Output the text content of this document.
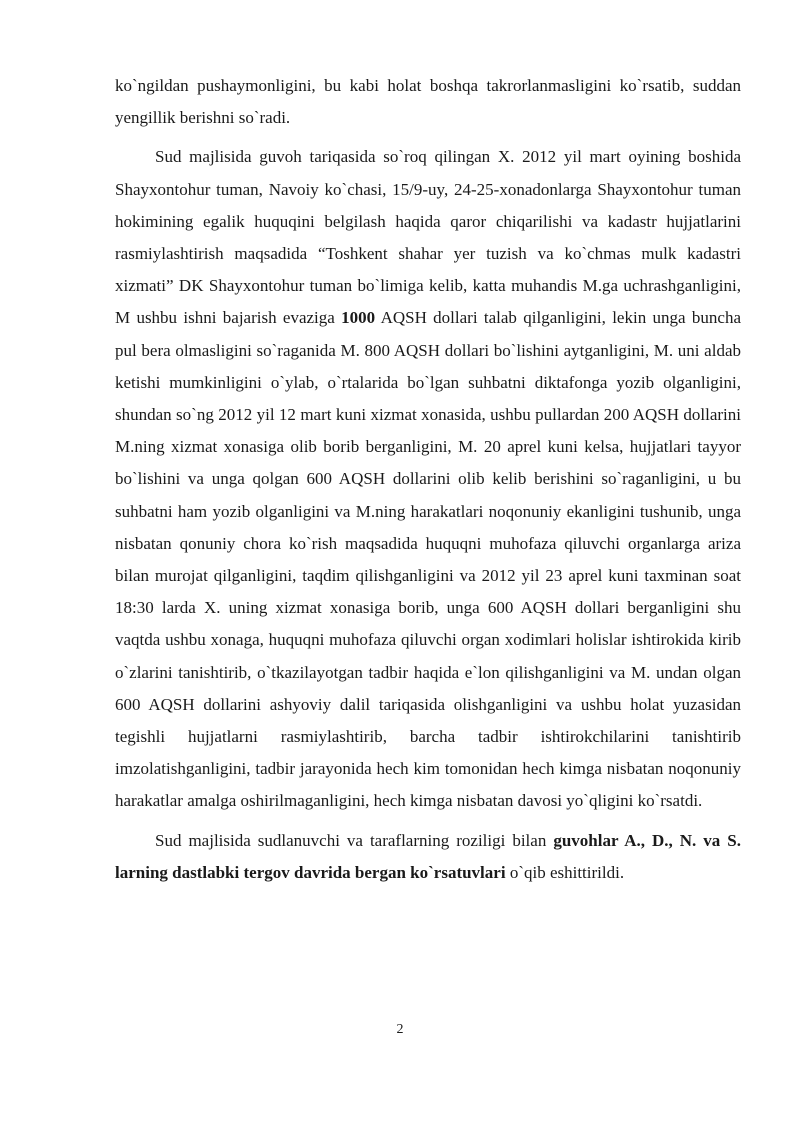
ko`ngildan pushaymonligini, bu kabi holat boshqa takrorlanmasligini ko`rsatib, suddan yengillik berishni so`radi.

Sud majlisida guvoh tariqasida so`roq qilingan X. 2012 yil mart oyining boshida Shayxontohur tuman, Navoiy ko`chasi, 15/9-uy, 24-25-xonadonlarga Shayxontohur tuman hokimining egalik huquqini belgilash haqida qaror chiqarilishi va kadastr hujjatlarini rasmiylashtirish maqsadida “Toshkent shahar yer tuzish va ko`chmas mulk kadastri xizmati” DK Shayxontohur tuman bo`limiga kelib, katta muhandis M.ga uchrashganligini, M ushbu ishni bajarish evaziga 1000 AQSH dollari talab qilganligini, lekin unga buncha pul bera olmasligini so`raganida M. 800 AQSH dollari bo`lishini aytganligini, M. uni aldab ketishi mumkinligini o`ylab, o`rtalarida bo`lgan suhbatni diktafonga yozib olganligini, shundan so`ng 2012 yil 12 mart kuni xizmat xonasida, ushbu pullardan 200 AQSH dollarini M.ning xizmat xonasiga olib borib berganligini, M. 20 aprel kuni kelsa, hujjatlari tayyor bo`lishini va unga qolgan 600 AQSH dollarini olib kelib berishini so`raganligini, u bu suhbatni ham yozib olganligini va M.ning harakatlari noqonuniy ekanligini tushunib, unga nisbatan qonuniy chora ko`rish maqsadida huquqni muhofaza qiluvchi organlarga ariza bilan murojat qilganligini, taqdim qilishganligini va 2012 yil 23 aprel kuni taxminan soat 18:30 larda X. uning xizmat xonasiga borib, unga 600 AQSH dollari berganligini shu vaqtda ushbu xonaga, huquqni muhofaza qiluvchi organ xodimlari holislar ishtirokida kirib o`zlarini tanishtirib, o`tkazilayotgan tadbir haqida e`lon qilishganligini va M. undan olgan 600 AQSH dollarini ashyoviy dalil tariqasida olishganligini va ushbu holat yuzasidan tegishli hujjatlarni rasmiylashtirib, barcha tadbir ishtirokchilarini tanishtirib imzolatishganligini, tadbir jarayonida hech kim tomonidan hech kimga nisbatan noqonuniy harakatlar amalga oshirilmaganligini, hech kimga nisbatan davosi yo`qligini ko`rsatdi.

Sud majlisida sudlanuvchi va taraflarning roziligi bilan guvohlar A., D., N. va S. larning dastlabki tergov davrida bergan ko`rsatuvlari o`qib eshittirildi.

2
